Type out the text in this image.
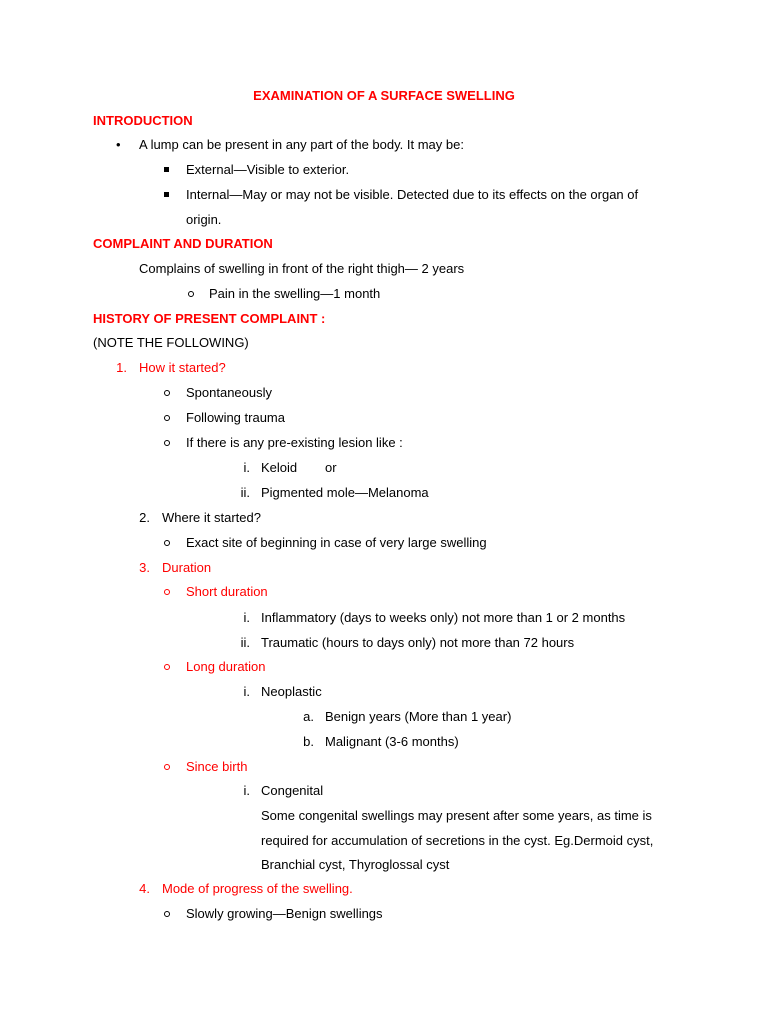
EXAMINATION OF A SURFACE SWELLING
INTRODUCTION
• A lump can be present in any part of the body. It may be:
External—Visible to exterior.
Internal—May or may not be visible. Detected due to its effects on the organ of
origin.
COMPLAINT AND DURATION
Complains of swelling in front of the right thigh— 2 years
Pain in the swelling—1 month
HISTORY OF PRESENT COMPLAINT :
(NOTE THE FOLLOWING)
1. How it started?
Spontaneously
Following trauma
If there is any pre-existing lesion like :
i. Keloid or
ii. Pigmented mole—Melanoma
2. Where it started?
Exact site of beginning in case of very large swelling
3. Duration
Short duration
i. Inflammatory (days to weeks only) not more than 1 or 2 months
ii. Traumatic (hours to days only) not more than 72 hours
Long duration
i. Neoplastic
a. Benign years (More than 1 year)
b. Malignant (3-6 months)
Since birth
i. Congenital
Some congenital swellings may present after some years, as time is
required for accumulation of secretions in the cyst. Eg.Dermoid cyst,
Branchial cyst, Thyroglossal cyst
4. Mode of progress of the swelling.
Slowly growing—Benign swellings
